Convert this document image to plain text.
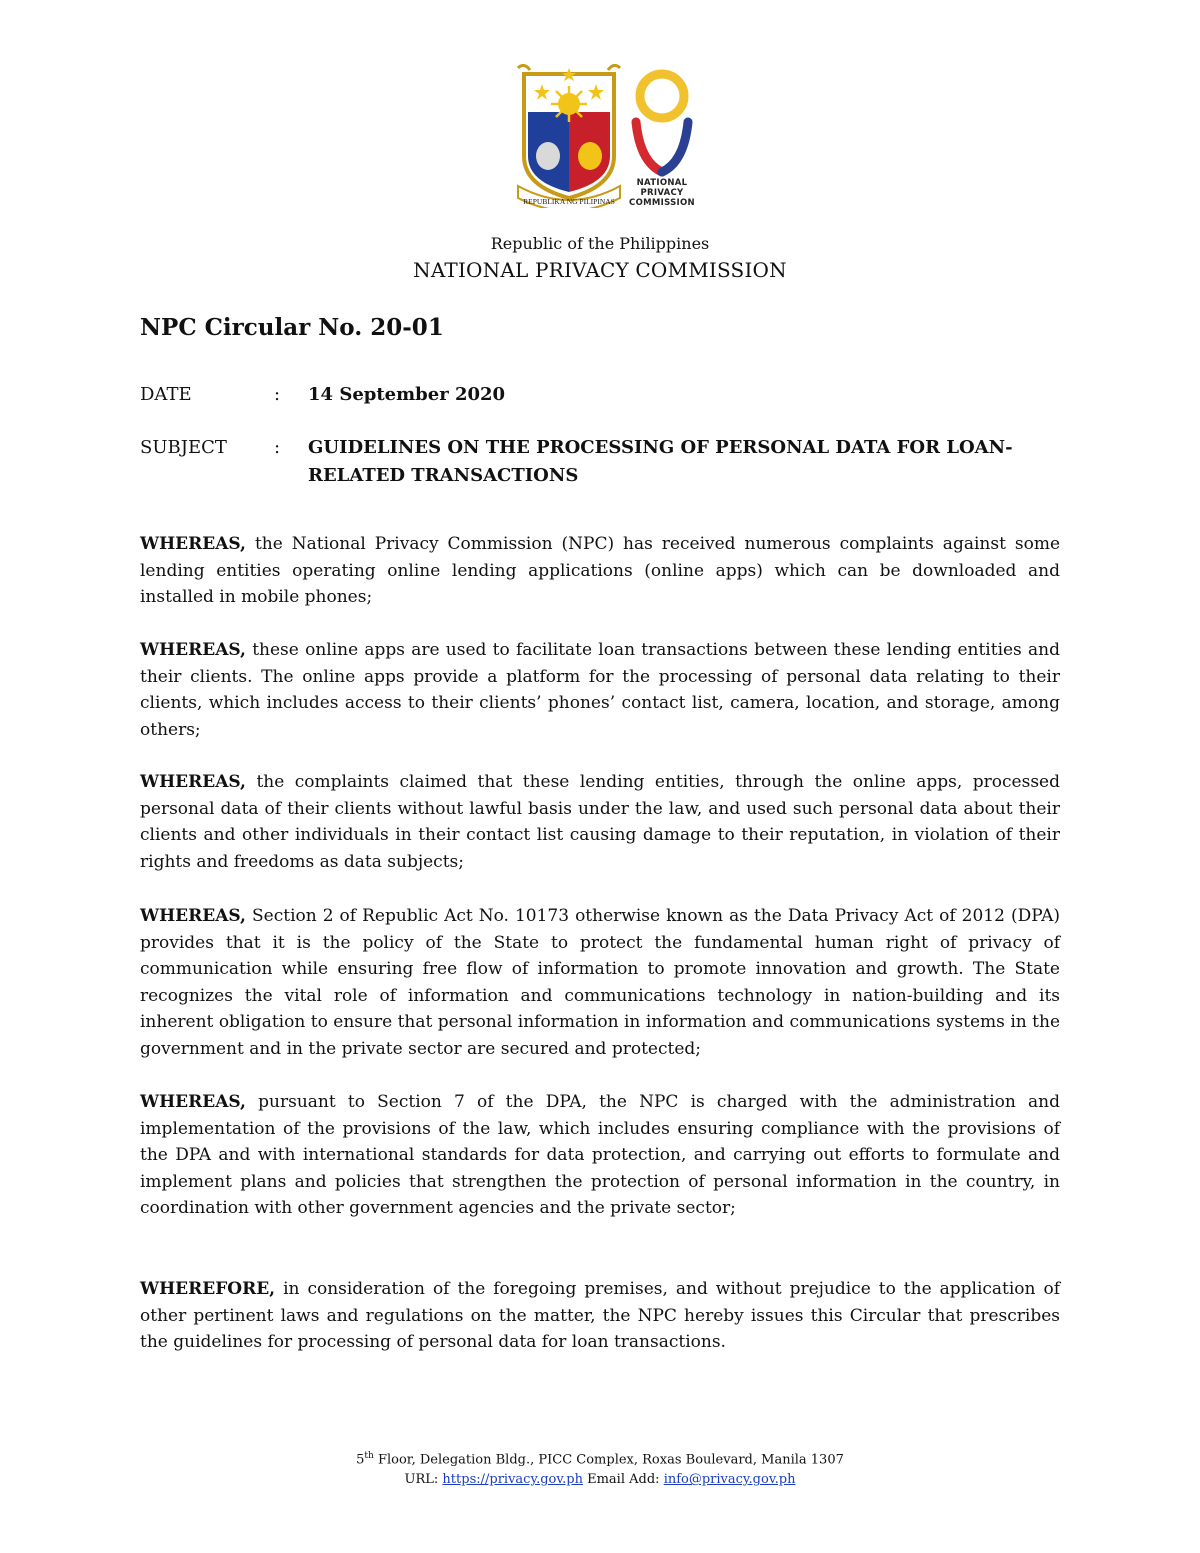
REPUBLIKA NG PILIPINAS
NATIONAL
PRIVACY
COMMISSION
Republic of the Philippines
NATIONAL PRIVACY COMMISSION
NPC Circular No. 20-01
DATE	: 14 September 2020
SUBJECT	: GUIDELINES ON THE PROCESSING OF PERSONAL DATA FOR LOAN-RELATED TRANSACTIONS

WHEREAS, the National Privacy Commission (NPC) has received numerous complaints against some lending entities operating online lending applications (online apps) which can be downloaded and installed in mobile phones;

WHEREAS, these online apps are used to facilitate loan transactions between these lending entities and their clients. The online apps provide a platform for the processing of personal data relating to their clients, which includes access to their clients’ phones’ contact list, camera, location, and storage, among others;

WHEREAS, the complaints claimed that these lending entities, through the online apps, processed personal data of their clients without lawful basis under the law, and used such personal data about their clients and other individuals in their contact list causing damage to their reputation, in violation of their rights and freedoms as data subjects;

WHEREAS, Section 2 of Republic Act No. 10173 otherwise known as the Data Privacy Act of 2012 (DPA) provides that it is the policy of the State to protect the fundamental human right of privacy of communication while ensuring free flow of information to promote innovation and growth. The State recognizes the vital role of information and communications technology in nation-building and its inherent obligation to ensure that personal information in information and communications systems in the government and in the private sector are secured and protected;

WHEREAS, pursuant to Section 7 of the DPA, the NPC is charged with the administration and implementation of the provisions of the law, which includes ensuring compliance with the provisions of the DPA and with international standards for data protection, and carrying out efforts to formulate and implement plans and policies that strengthen the protection of personal information in the country, in coordination with other government agencies and the private sector;

WHEREFORE, in consideration of the foregoing premises, and without prejudice to the application of other pertinent laws and regulations on the matter, the NPC hereby issues this Circular that prescribes the guidelines for processing of personal data for loan transactions.

5th Floor, Delegation Bldg., PICC Complex, Roxas Boulevard, Manila 1307
URL: https://privacy.gov.ph Email Add: info@privacy.gov.ph
